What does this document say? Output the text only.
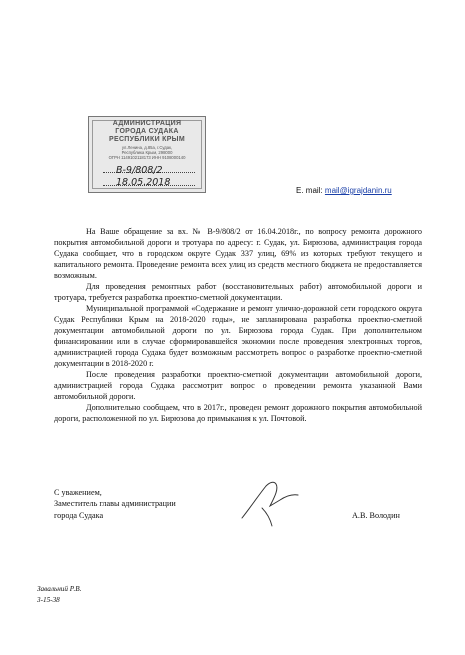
АДМИНИСТРАЦИЯ
ГОРОДА СУДАКА
РЕСПУБЛИКИ КРЫМ
ул.Ленина, д.85а, г.Судак,
Республика Крым, 298000
ОГРН 1149102118173 ИНН 9108000140
В-9/808/2
18.05.2018
E. mail: mail@igrajdanin.ru

На Ваше обращение за вх. № В-9/808/2 от 16.04.2018г., по вопросу ремонта дорожного покрытия автомобильной дороги и тротуара по адресу: г. Судак, ул. Бирюзова, администрация города Судака сообщает, что в городском округе Судак 337 улиц, 69% из которых требуют текущего и капитального ремонта. Проведение ремонта всех улиц из средств местного бюджета не предоставляется возможным.

Для проведения ремонтных работ (восстановительных работ) автомобильной дороги и тротуара, требуется разработка проектно-сметной документации.

Муниципальной программой «Содержание и ремонт улично-дорожной сети городского округа Судак Республики Крым на 2018-2020 годы», не запланирована разработка проектно-сметной документации автомобильной дороги по ул. Бирюзова города Судак. При дополнительном финансировании или в случае сформировавшейся экономии после проведения электронных торгов, администрацией города Судака будет возможным рассмотреть вопрос о разработке проектно-сметной документации в 2018-2020 г.

После проведения разработки проектно-сметной документации автомобильной дороги, администрацией города Судака рассмотрит вопрос о проведении ремонта указанной Вами автомобильной дороги.

Дополнительно сообщаем, что в 2017г., проведен ремонт дорожного покрытия автомобильной дороги, расположенной по ул. Бирюзова до примыкания к ул. Почтовой.

С уважением,
Заместитель главы администрации
города Судака	А.В. Володин
Завальний Р.В.
3-15-38
